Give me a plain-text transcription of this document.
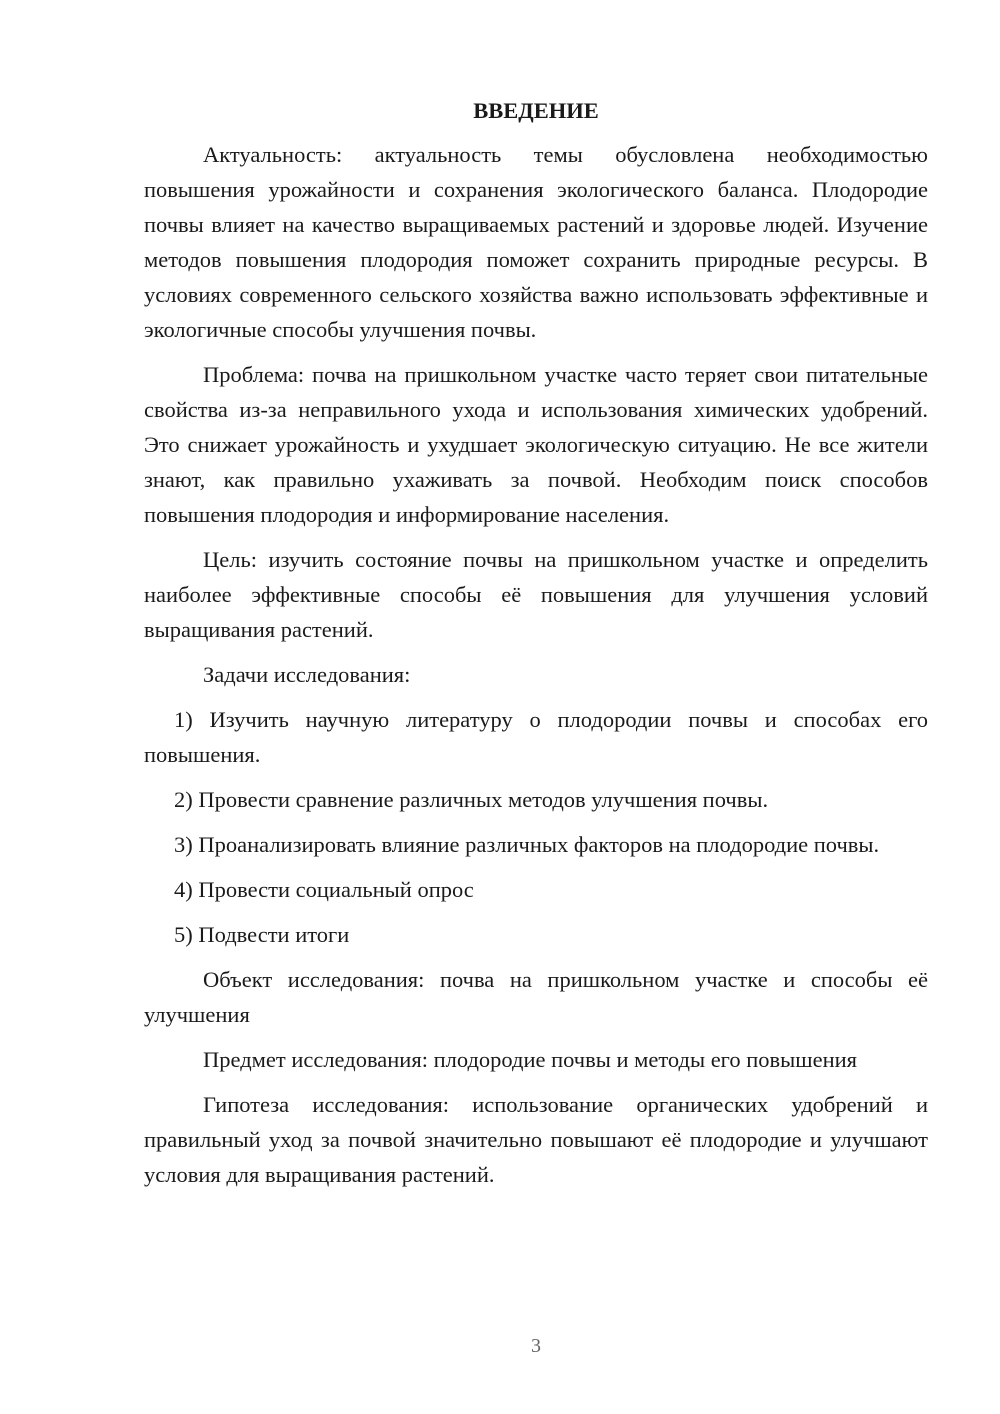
ВВЕДЕНИЕ

Актуальность: актуальность темы обусловлена необходимостью повышения урожайности и сохранения экологического баланса. Плодородие почвы влияет на качество выращиваемых растений и здоровье людей. Изучение методов повышения плодородия поможет сохранить природные ресурсы. В условиях современного сельского хозяйства важно использовать эффективные и экологичные способы улучшения почвы.

Проблема: почва на пришкольном участке часто теряет свои питательные свойства из-за неправильного ухода и использования химических удобрений. Это снижает урожайность и ухудшает экологическую ситуацию. Не все жители знают, как правильно ухаживать за почвой. Необходим поиск способов повышения плодородия и информирование населения.

Цель: изучить состояние почвы на пришкольном участке и определить наиболее эффективные способы её повышения для улучшения условий выращивания растений.

Задачи исследования:

1) Изучить научную литературу о плодородии почвы и способах его повышения.

2) Провести сравнение различных методов улучшения почвы.

3) Проанализировать влияние различных факторов на плодородие почвы.

4) Провести социальный опрос

5) Подвести итоги

Объект исследования: почва на пришкольном участке и способы её улучшения

Предмет исследования: плодородие почвы и методы его повышения

Гипотеза исследования: использование органических удобрений и правильный уход за почвой значительно повышают её плодородие и улучшают условия для выращивания растений.

3
